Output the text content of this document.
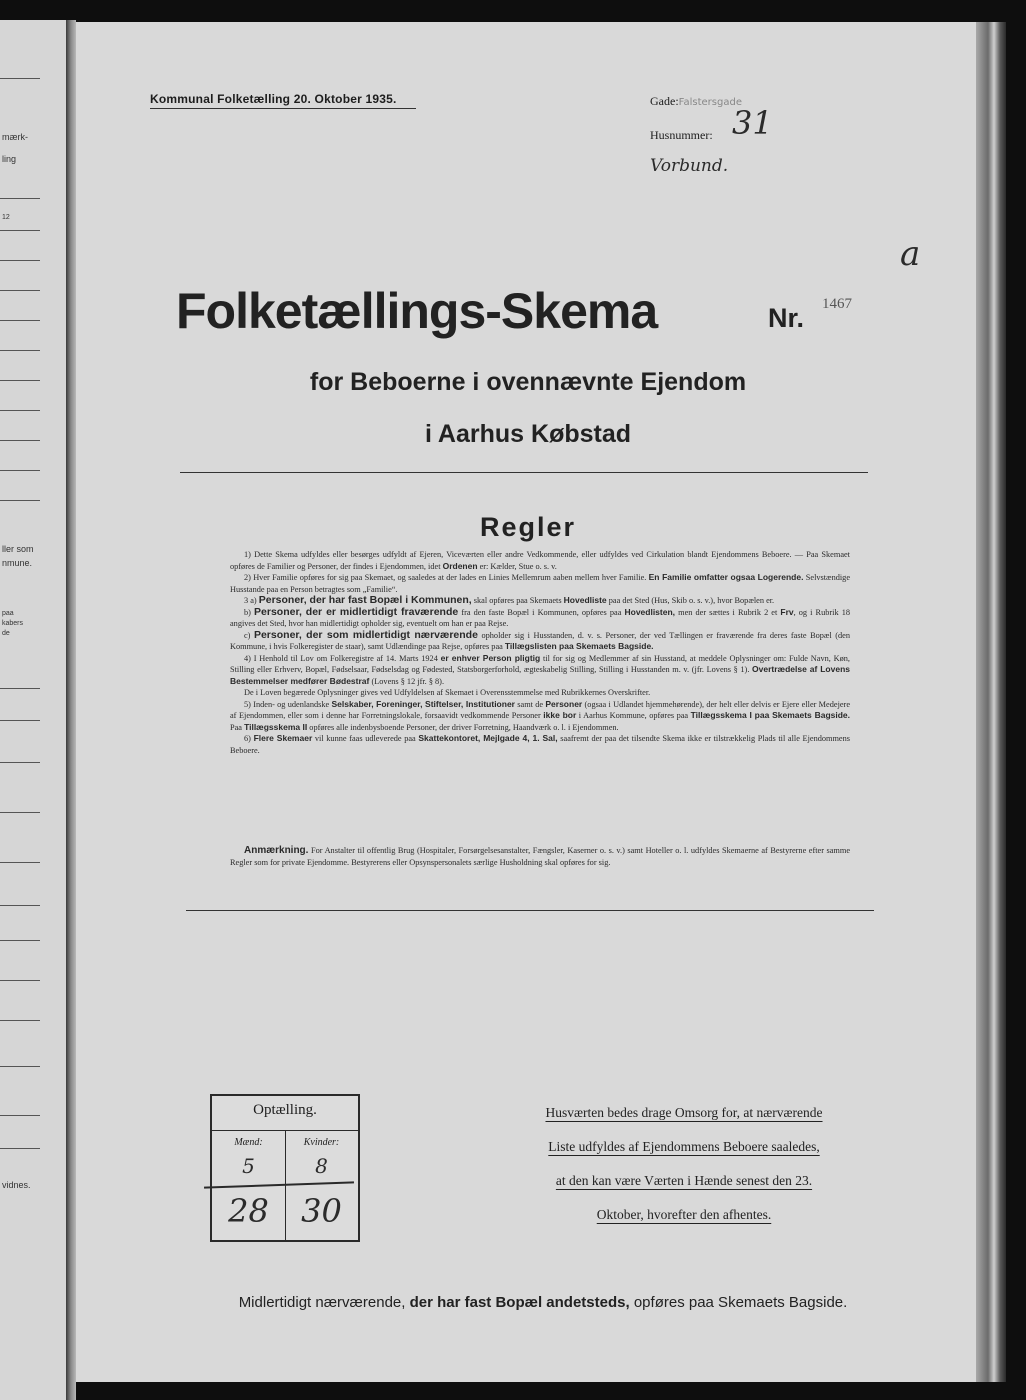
mærk-
ling
12
ller som
nmune.
paa
kabers
de
vidnes.
Kommunal Folketælling 20. Oktober 1935.	Gade:Falstersgade
Husnummer: 31
Vorbund.
a
Folketællings-Skema	Nr. 1467
for Beboerne i ovennævnte Ejendom
i Aarhus Købstad
Regler

1) Dette Skema udfyldes eller besørges udfyldt af Ejeren, Viceværten eller andre Vedkommende, eller udfyldes ved Cirkulation blandt Ejendommens Beboere. — Paa Skemaet opføres de Familier og Personer, der findes i Ejendommen, idet Ordenen er: Kælder, Stue o. s. v.

2) Hver Familie opføres for sig paa Skemaet, og saaledes at der lades en Linies Mellemrum aaben mellem hver Familie. En Familie omfatter ogsaa Logerende. Selvstændige Husstande paa en Person betragtes som „Familie“.

3 a) Personer, der har fast Bopæl i Kommunen, skal opføres paa Skemaets Hovedliste paa det Sted (Hus, Skib o. s. v.), hvor Bopælen er.

b) Personer, der er midlertidigt fraværende fra den faste Bopæl i Kommunen, opføres paa Hovedlisten, men der sættes i Rubrik 2 et Frv, og i Rubrik 18 angives det Sted, hvor han midlertidigt opholder sig, eventuelt om han er paa Rejse.

c) Personer, der som midlertidigt nærværende opholder sig i Husstanden, d. v. s. Personer, der ved Tællingen er fraværende fra deres faste Bopæl (den Kommune, i hvis Folkeregister de staar), samt Udlændinge paa Rejse, opføres paa Tillægslisten paa Skemaets Bagside.

4) I Henhold til Lov om Folkeregistre af 14. Marts 1924 er enhver Person pligtig til for sig og Medlemmer af sin Husstand, at meddele Oplysninger om: Fulde Navn, Køn, Stilling eller Erhverv, Bopæl, Fødselsaar, Fødselsdag og Fødested, Statsborgerforhold, ægteskabelig Stilling, Stilling i Husstanden m. v. (jfr. Lovens § 1). Overtrædelse af Lovens Bestemmelser medfører Bødestraf (Lovens § 12 jfr. § 8).

De i Loven begærede Oplysninger gives ved Udfyldelsen af Skemaet i Overensstemmelse med Rubrikkernes Overskrifter.

5) Inden- og udenlandske Selskaber, Foreninger, Stiftelser, Institutioner samt de Personer (ogsaa i Udlandet hjemmehørende), der helt eller delvis er Ejere eller Medejere af Ejendommen, eller som i denne har Forretningslokale, forsaavidt vedkommende Personer ikke bor i Aarhus Kommune, opføres paa Tillægsskema I paa Skemaets Bagside. Paa Tillægsskema II opføres alle indenbysboende Personer, der driver Forretning, Haandværk o. l. i Ejendommen.

6) Flere Skemaer vil kunne faas udleverede paa Skattekontoret, Mejlgade 4, 1. Sal, saafremt der paa det tilsendte Skema ikke er tilstrækkelig Plads til alle Ejendommens Beboere.

Anmærkning. For Anstalter til offentlig Brug (Hospitaler, Forsørgelsesanstalter, Fængsler, Kaserner o. s. v.) samt Hoteller o. l. udfyldes Skemaerne af Bestyrerne efter samme Regler som for private Ejendomme. Bestyrerens eller Opsynspersonalets særlige Husholdning skal opføres for sig.
Optælling.
Mænd:	Kvinder:
5	8
28	30
Husværten bedes drage Omsorg for, at nærværende
Liste udfyldes af Ejendommens Beboere saaledes,
at den kan være Værten i Hænde senest den 23.
Oktober, hvorefter den afhentes.
Midlertidigt nærværende, der har fast Bopæl andetsteds, opføres paa Skemaets Bagside.
